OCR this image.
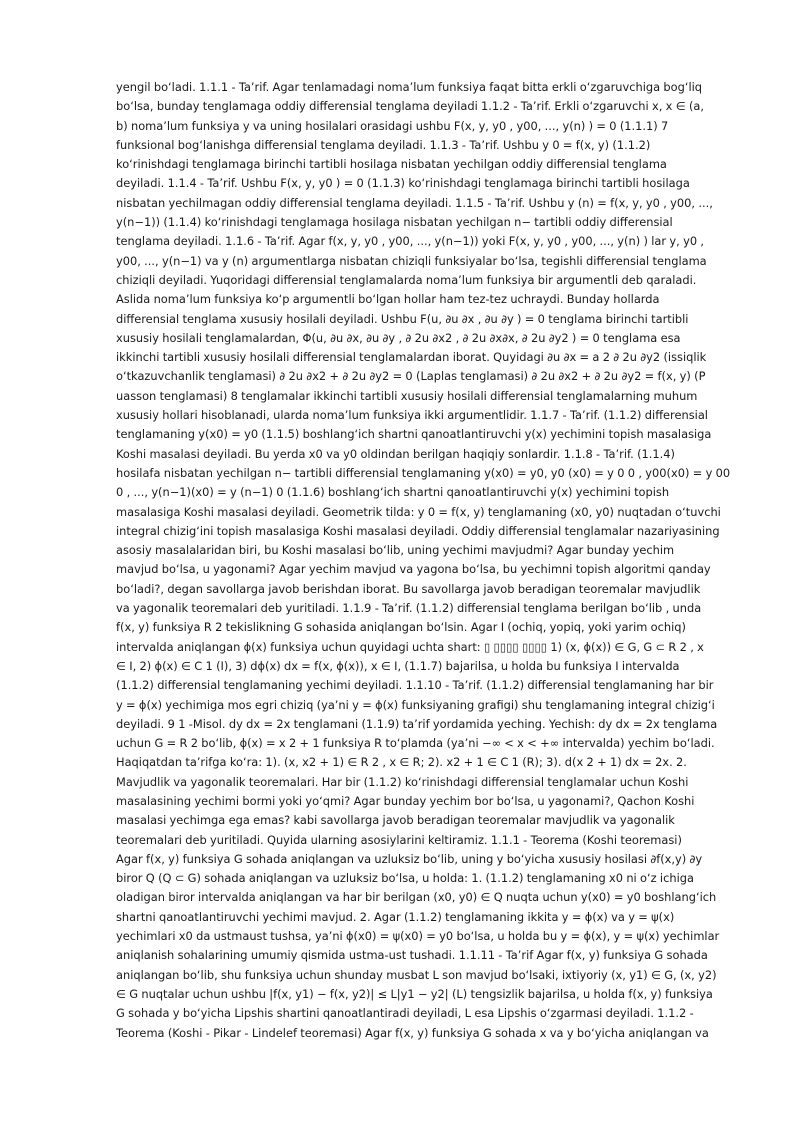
yengil bo‘ladi. 1.1.1 - Ta’rif. Agar tenlamadagi noma’lum funksiya faqat bitta erkli o‘zgaruvchiga bog‘liq
bo‘lsa, bunday tenglamaga oddiy differensial tenglama deyiladi 1.1.2 - Ta’rif. Erkli o‘zgaruvchi x, x ∈ (a,
b) noma’lum funksiya y va uning hosilalari orasidagi ushbu F(x, y, y0 , y00, ..., y(n) ) = 0 (1.1.1) 7
funksional bog‘lanishga differensial tenglama deyiladi. 1.1.3 - Ta’rif. Ushbu y 0 = f(x, y) (1.1.2)
ko‘rinishdagi tenglamaga birinchi tartibli hosilaga nisbatan yechilgan oddiy differensial tenglama
deyiladi. 1.1.4 - Ta’rif. Ushbu F(x, y, y0 ) = 0 (1.1.3) ko‘rinishdagi tenglamaga birinchi tartibli hosilaga
nisbatan yechilmagan oddiy differensial tenglama deyiladi. 1.1.5 - Ta’rif. Ushbu y (n) = f(x, y, y0 , y00, ...,
y(n−1)) (1.1.4) ko‘rinishdagi tenglamaga hosilaga nisbatan yechilgan n− tartibli oddiy differensial
tenglama deyiladi. 1.1.6 - Ta’rif. Agar f(x, y, y0 , y00, ..., y(n−1)) yoki F(x, y, y0 , y00, ..., y(n) ) lar y, y0 ,
y00, ..., y(n−1) va y (n) argumentlarga nisbatan chiziqli funksiyalar bo‘lsa, tegishli differensial tenglama
chiziqli deyiladi. Yuqoridagi differensial tenglamalarda noma’lum funksiya bir argumentli deb qaraladi.
Aslida noma’lum funksiya ko‘p argumentli bo‘lgan hollar ham tez-tez uchraydi. Bunday hollarda
differensial tenglama xususiy hosilali deyiladi. Ushbu F(u, ∂u ∂x , ∂u ∂y ) = 0 tenglama birinchi tartibli
xususiy hosilali tenglamalardan, Φ(u, ∂u ∂x, ∂u ∂y , ∂ 2u ∂x2 , ∂ 2u ∂x∂x, ∂ 2u ∂y2 ) = 0 tenglama esa
ikkinchi tartibli xususiy hosilali differensial tenglamalardan iborat. Quyidagi ∂u ∂x = a 2 ∂ 2u ∂y2 (issiqlik
o‘tkazuvchanlik tenglamasi) ∂ 2u ∂x2 + ∂ 2u ∂y2 = 0 (Laplas tenglamasi) ∂ 2u ∂x2 + ∂ 2u ∂y2 = f(x, y) (P
uasson tenglamasi) 8 tenglamalar ikkinchi tartibli xususiy hosilali differensial tenglamalarning muhum
xususiy hollari hisoblanadi, ularda noma’lum funksiya ikki argumentlidir. 1.1.7 - Ta’rif. (1.1.2) differensial
tenglamaning y(x0) = y0 (1.1.5) boshlang‘ich shartni qanoatlantiruvchi y(x) yechimini topish masalasiga
Koshi masalasi deyiladi. Bu yerda x0 va y0 oldindan berilgan haqiqiy sonlardir. 1.1.8 - Ta’rif. (1.1.4)
hosilafa nisbatan yechilgan n− tartibli differensial tenglamaning y(x0) = y0, y0 (x0) = y 0 0 , y00(x0) = y 00
0 , ..., y(n−1)(x0) = y (n−1) 0 (1.1.6) boshlang‘ich shartni qanoatlantiruvchi y(x) yechimini topish
masalasiga Koshi masalasi deyiladi. Geometrik tilda: y 0 = f(x, y) tenglamaning (x0, y0) nuqtadan o‘tuvchi
integral chizig‘ini topish masalasiga Koshi masalasi deyiladi. Oddiy differensial tenglamalar nazariyasining
asosiy masalalaridan biri, bu Koshi masalasi bo‘lib, uning yechimi mavjudmi? Agar bunday yechim
mavjud bo‘lsa, u yagonami? Agar yechim mavjud va yagona bo‘lsa, bu yechimni topish algoritmi qanday
bo‘ladi?, degan savollarga javob berishdan iborat. Bu savollarga javob beradigan teoremalar mavjudlik
va yagonalik teoremalari deb yuritiladi. 1.1.9 - Ta’rif. (1.1.2) differensial tenglama berilgan bo‘lib , unda
f(x, y) funksiya R 2 tekislikning G sohasida aniqlangan bo‘lsin. Agar I (ochiq, yopiq, yoki yarim ochiq)
intervalda aniqlangan ϕ(x) funksiya uchun quyidagi uchta shart: ▯ ▯▯▯▯ ▯▯▯▯ 1) (x, ϕ(x)) ∈ G, G ⊂ R 2 , x
∈ I, 2) ϕ(x) ∈ C 1 (I), 3) dϕ(x) dx = f(x, ϕ(x)), x ∈ I, (1.1.7) bajarilsa, u holda bu funksiya I intervalda
(1.1.2) differensial tenglamaning yechimi deyiladi. 1.1.10 - Ta’rif. (1.1.2) differensial tenglamaning har bir
y = ϕ(x) yechimiga mos egri chiziq (ya’ni y = ϕ(x) funksiyaning grafigi) shu tenglamaning integral chizig‘i
deyiladi. 9 1 -Misol. dy dx = 2x tenglamani (1.1.9) ta’rif yordamida yeching. Yechish: dy dx = 2x tenglama
uchun G = R 2 bo‘lib, ϕ(x) = x 2 + 1 funksiya R to‘plamda (ya’ni −∞ < x < +∞ intervalda) yechim bo‘ladi.
Haqiqatdan ta’rifga ko‘ra: 1). (x, x2 + 1) ∈ R 2 , x ∈ R; 2). x2 + 1 ∈ C 1 (R); 3). d(x 2 + 1) dx = 2x. 2.
Mavjudlik va yagonalik teoremalari. Har bir (1.1.2) ko‘rinishdagi differensial tenglamalar uchun Koshi
masalasining yechimi bormi yoki yo‘qmi? Agar bunday yechim bor bo‘lsa, u yagonami?, Qachon Koshi
masalasi yechimga ega emas? kabi savollarga javob beradigan teoremalar mavjudlik va yagonalik
teoremalari deb yuritiladi. Quyida ularning asosiylarini keltiramiz. 1.1.1 - Teorema (Koshi teoremasi)
Agar f(x, y) funksiya G sohada aniqlangan va uzluksiz bo‘lib, uning y bo‘yicha xususiy hosilasi ∂f(x,y) ∂y
biror Q (Q ⊂ G) sohada aniqlangan va uzluksiz bo‘lsa, u holda: 1. (1.1.2) tenglamaning x0 ni o‘z ichiga
oladigan biror intervalda aniqlangan va har bir berilgan (x0, y0) ∈ Q nuqta uchun y(x0) = y0 boshlang‘ich
shartni qanoatlantiruvchi yechimi mavjud. 2. Agar (1.1.2) tenglamaning ikkita y = ϕ(x) va y = ψ(x)
yechimlari x0 da ustmaust tushsa, ya’ni ϕ(x0) = ψ(x0) = y0 bo‘lsa, u holda bu y = ϕ(x), y = ψ(x) yechimlar
aniqlanish sohalarining umumiy qismida ustma-ust tushadi. 1.1.11 - Ta’rif Agar f(x, y) funksiya G sohada
aniqlangan bo‘lib, shu funksiya uchun shunday musbat L son mavjud bo‘lsaki, ixtiyoriy (x, y1) ∈ G, (x, y2)
∈ G nuqtalar uchun ushbu |f(x, y1) − f(x, y2)| ≤ L|y1 − y2| (L) tengsizlik bajarilsa, u holda f(x, y) funksiya
G sohada y bo‘yicha Lipshis shartini qanoatlantiradi deyiladi, L esa Lipshis o‘zgarmasi deyiladi. 1.1.2 -
Teorema (Koshi - Pikar - Lindelef teoremasi) Agar f(x, y) funksiya G sohada x va y bo‘yicha aniqlangan va
